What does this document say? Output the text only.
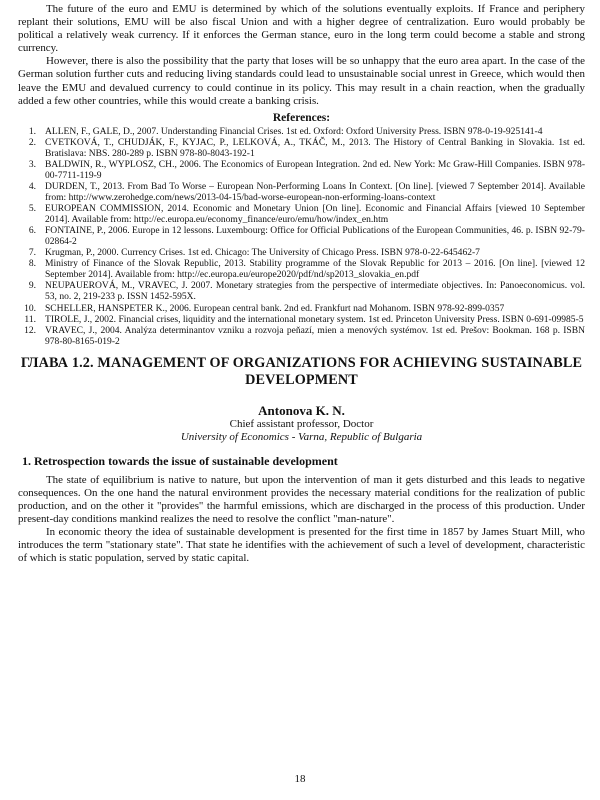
The future of the euro and EMU is determined by which of the solutions eventually exploits. If France and periphery replant their solutions, EMU will be also fiscal Union and with a higher degree of centralization. Euro would probably be political a relatively weak currency. If it enforces the German stance, euro in the long term could become a stable and strong currency.

However, there is also the possibility that the party that loses will be so unhappy that the euro area apart. In the case of the German solution further cuts and reducing living standards could lead to unsustainable social unrest in Greece, which would then leave the EMU and devalued currency to could continue in its policy. This may result in a chain reaction, when the gradually added a few other countries, while this would create a banking crisis.

References:
1. ALLEN, F., GALE, D., 2007. Understanding Financial Crises. 1st ed. Oxford: Oxford University Press. ISBN 978-0-19-925141-4
2. CVETKOVÁ, T., CHUDJÁK, F., KYJAC, P., LELKOVÁ, A., TKÁČ, M., 2013. The History of Central Banking in Slovakia. 1st ed. Bratislava: NBS. 280-289 p. ISBN 978-80-8043-192-1
3. BALDWIN, R., WYPLOSZ, CH., 2006. The Economics of European Integration. 2nd ed. New York: Mc Graw-Hill Companies. ISBN 978-00-7711-119-9
4. DURDEN, T., 2013. From Bad To Worse – European Non-Performing Loans In Context. [On line]. [viewed 7 September 2014]. Available from: http://www.zerohedge.com/news/2013-04-15/bad-worse-european-non-erforming-loans-context
5. EUROPEAN COMMISSION, 2014. Economic and Monetary Union [On line]. Economic and Financial Affairs [viewed 10 September 2014]. Available from: http://ec.europa.eu/economy_finance/euro/emu/how/index_en.htm
6. FONTAINE, P., 2006. Europe in 12 lessons. Luxembourg: Office for Official Publications of the European Communities, 46. p. ISBN 92-79-02864-2
7. Krugman, P., 2000. Currency Crises. 1st ed. Chicago: The University of Chicago Press. ISBN 978-0-22-645462-7
8. Ministry of Finance of the Slovak Republic, 2013. Stability programme of the Slovak Republic for 2013 – 2016. [On line]. [viewed 12 September 2014]. Available from: http://ec.europa.eu/europe2020/pdf/nd/sp2013_slovakia_en.pdf
9. NEUPAUEROVÁ, M., VRAVEC, J. 2007. Monetary strategies from the perspective of intermediate objectives. In: Panoeconomicus. vol. 53, no. 2, 219-233 p. ISSN 1452-595X.
10. SCHELLER, HANSPETER K., 2006. European central bank. 2nd ed. Frankfurt nad Mohanom. ISBN 978-92-899-0357
11. TIROLE, J., 2002. Financial crises, liquidity and the international monetary system. 1st ed. Princeton University Press. ISBN 0-691-09985-5
12. VRAVEC, J., 2004. Analýza determinantov vzniku a rozvoja peňazí, mien a menových systémov. 1st ed. Prešov: Bookman. 168 p. ISBN 978-80-8165-019-2
ГЛАВА 1.2. MANAGEMENT OF ORGANIZATIONS FOR ACHIEVING SUSTAINABLE DEVELOPMENT
Antonova K. N.
Chief assistant professor, Doctor
University of Economics - Varna, Republic of Bulgaria
1. Retrospection towards the issue of sustainable development

The state of equilibrium is native to nature, but upon the intervention of man it gets disturbed and this leads to negative consequences. On the one hand the natural environment provides the necessary material conditions for the realization of public production, and on the other it "provides" the harmful emissions, which are discharged in the process of this production. Under present-day conditions mankind realizes the need to resolve the conflict "man-nature".

In economic theory the idea of sustainable development is presented for the first time in 1857 by James Stuart Mill, who introduces the term "stationary state". That state he identifies with the achievement of such a level of development, characteristic of which is static population, served by static capital.

18
